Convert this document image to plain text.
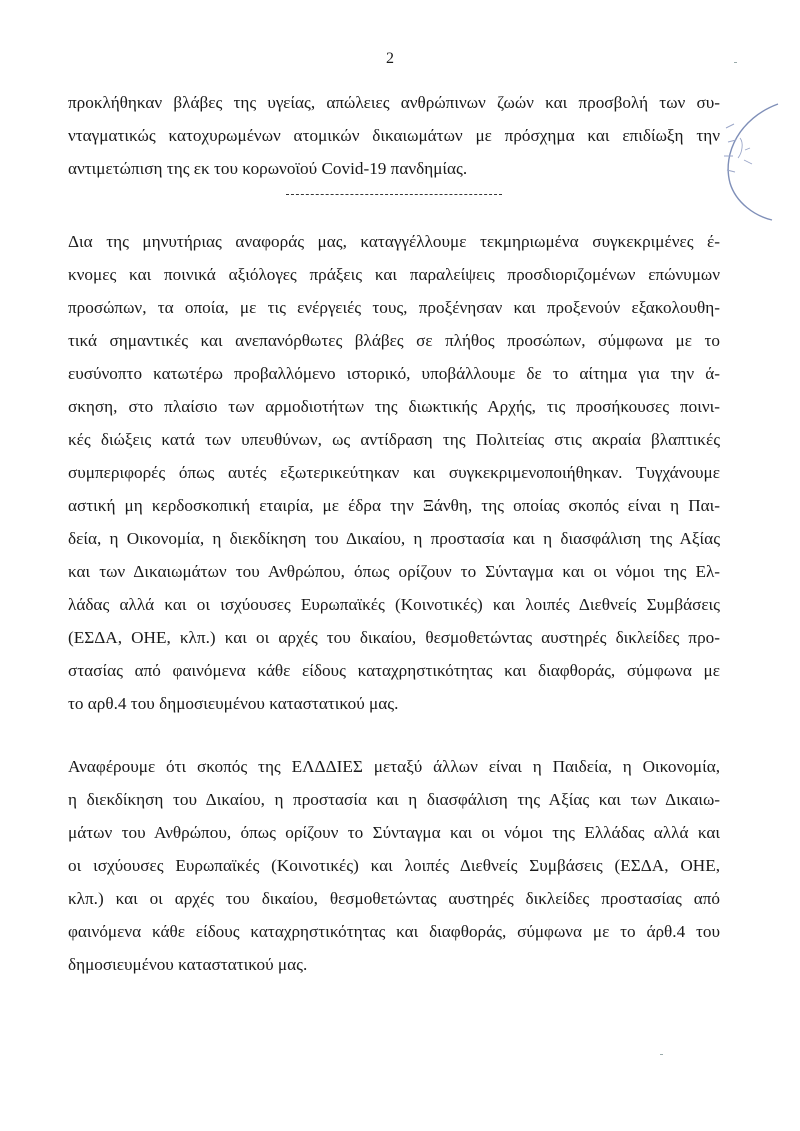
2
προκλήθηκαν βλάβες της υγείας, απώλειες ανθρώπινων ζωών και προσβολή των συ-
νταγματικώς κατοχυρωμένων ατομικών δικαιωμάτων με πρόσχημα και επιδίωξη την
αντιμετώπιση της εκ του κορωνοϊού Covid-19 πανδημίας.
Δια της μηνυτήριας αναφοράς μας, καταγγέλλουμε τεκμηριωμένα συγκεκριμένες έ-
κνομες και ποινικά αξιόλογες πράξεις και παραλείψεις προσδιοριζομένων επώνυμων
προσώπων, τα οποία, με τις ενέργειές τους, προξένησαν και προξενούν εξακολουθη-
τικά σημαντικές και ανεπανόρθωτες βλάβες σε πλήθος προσώπων, σύμφωνα με το
ευσύνοπτο κατωτέρω προβαλλόμενο ιστορικό, υποβάλλουμε δε το αίτημα για την ά-
σκηση, στο πλαίσιο των αρμοδιοτήτων της διωκτικής Αρχής, τις προσήκουσες ποινι-
κές διώξεις κατά των υπευθύνων, ως αντίδραση της Πολιτείας στις ακραία βλαπτικές
συμπεριφορές όπως αυτές εξωτερικεύτηκαν και συγκεκριμενοποιήθηκαν. Τυγχάνουμε
αστική μη κερδοσκοπική εταιρία, με έδρα την Ξάνθη, της οποίας σκοπός είναι η Παι-
δεία, η Οικονομία, η διεκδίκηση του Δικαίου, η προστασία και η διασφάλιση της Αξίας
και των Δικαιωμάτων του Ανθρώπου, όπως ορίζουν το Σύνταγμα και οι νόμοι της Ελ-
λάδας αλλά και οι ισχύουσες Ευρωπαϊκές (Κοινοτικές) και λοιπές Διεθνείς Συμβάσεις
(ΕΣΔΑ, ΟΗΕ, κλπ.) και οι αρχές του δικαίου, θεσμοθετώντας αυστηρές δικλείδες προ-
στασίας από φαινόμενα κάθε είδους καταχρηστικότητας και διαφθοράς, σύμφωνα με
το αρθ.4 του δημοσιευμένου καταστατικού μας.
Αναφέρουμε ότι σκοπός της ΕΛΔΔΙΕΣ μεταξύ άλλων είναι η Παιδεία, η Οικονομία,
η διεκδίκηση του Δικαίου, η προστασία και η διασφάλιση της Αξίας και των Δικαιω-
μάτων του Ανθρώπου, όπως ορίζουν το Σύνταγμα και οι νόμοι της Ελλάδας αλλά και
οι ισχύουσες Ευρωπαϊκές (Κοινοτικές) και λοιπές Διεθνείς Συμβάσεις (ΕΣΔΑ, ΟΗΕ,
κλπ.) και οι αρχές του δικαίου, θεσμοθετώντας αυστηρές δικλείδες προστασίας από
φαινόμενα κάθε είδους καταχρηστικότητας και διαφθοράς, σύμφωνα με το άρθ.4 του
δημοσιευμένου καταστατικού μας.
